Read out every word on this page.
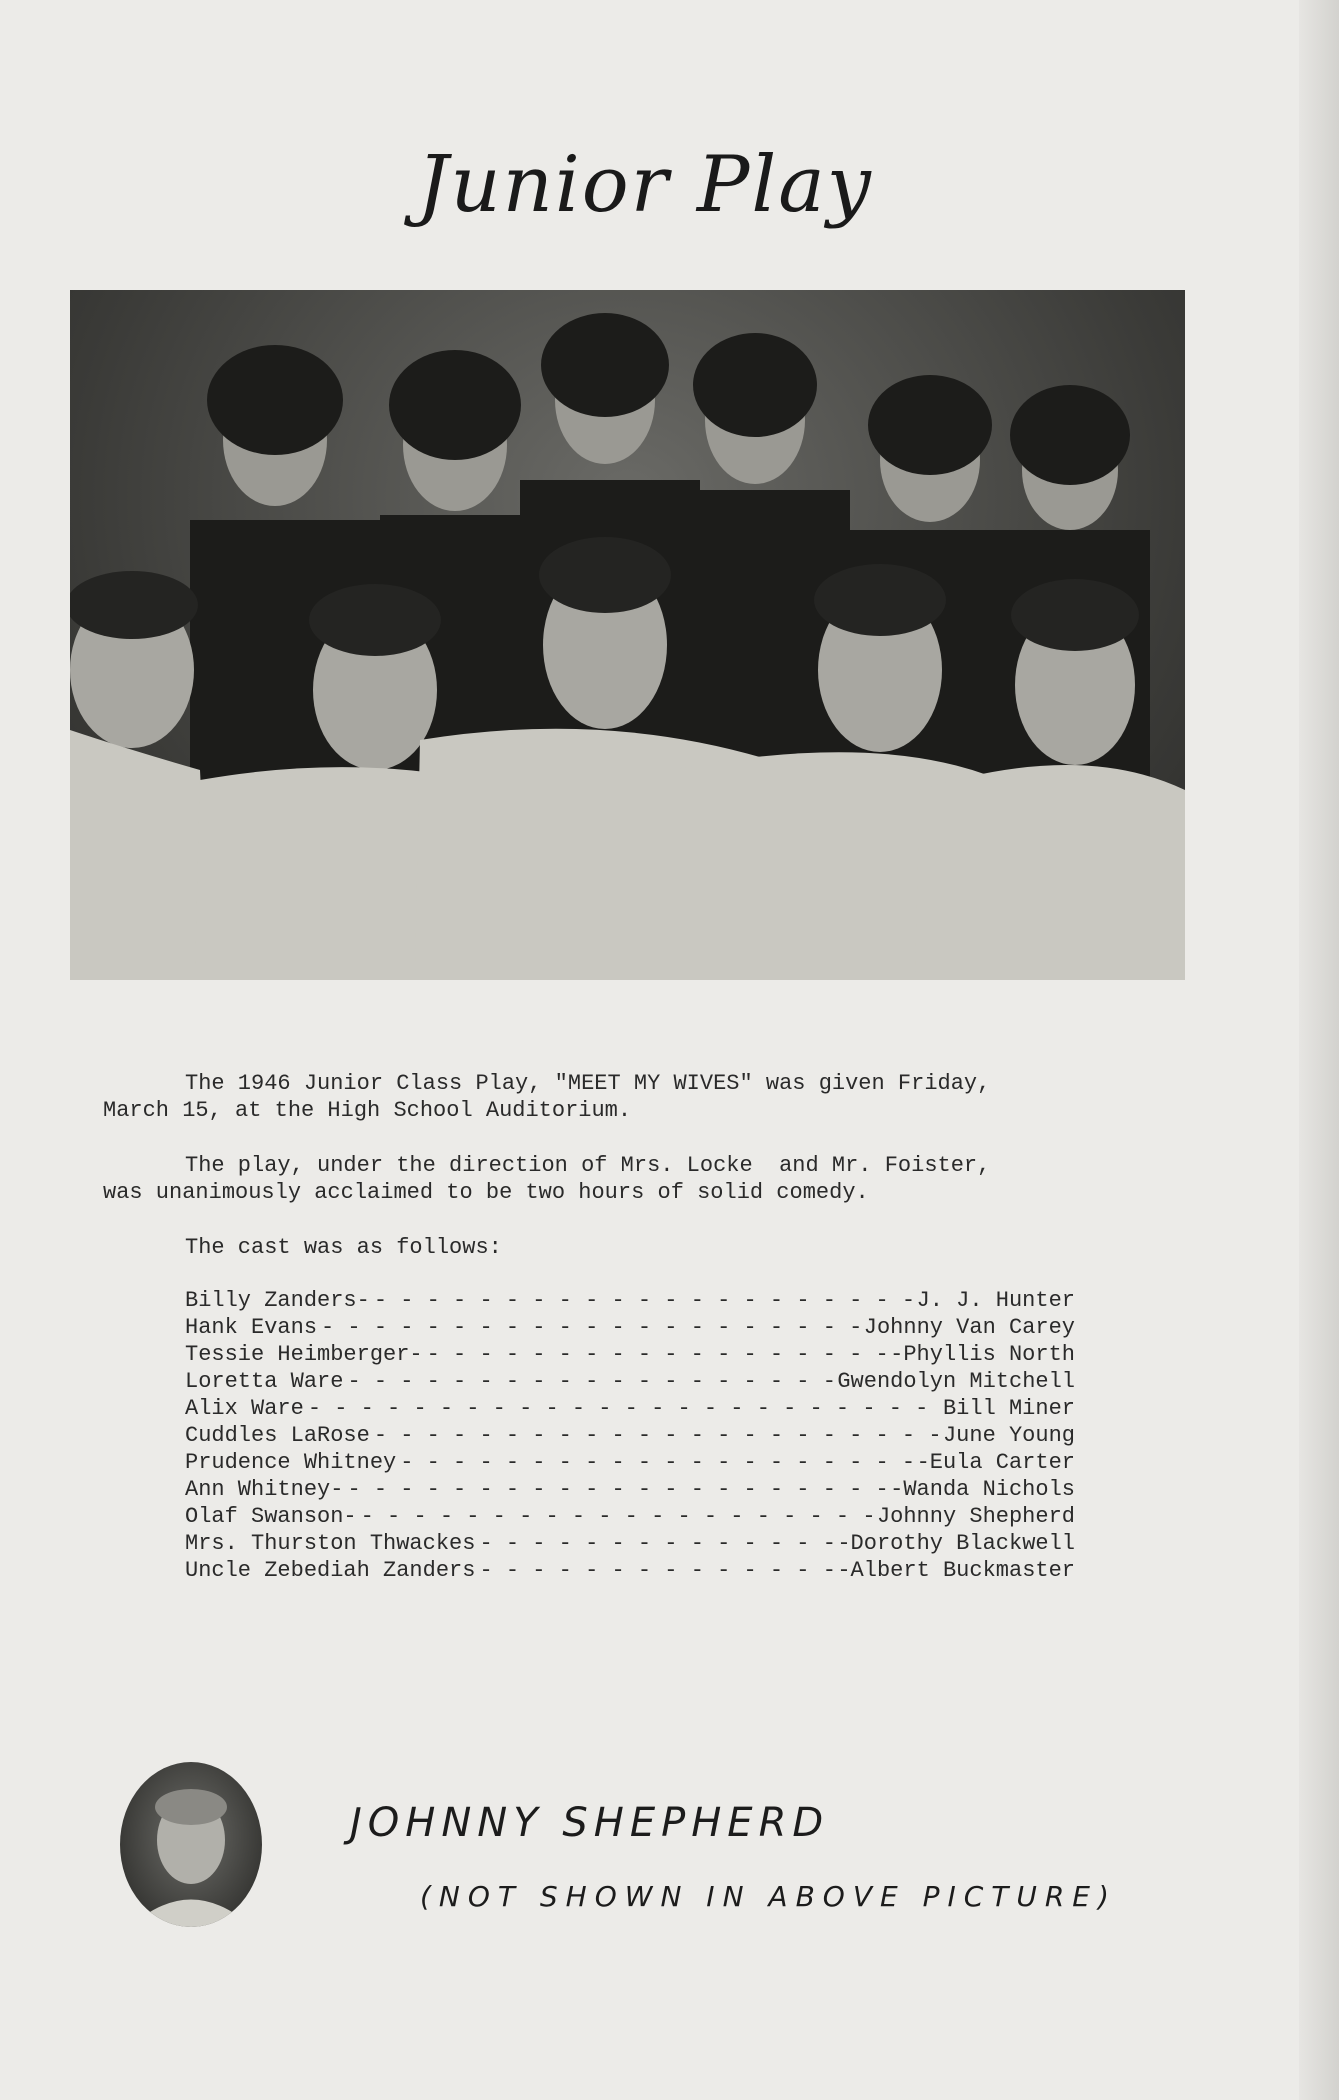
Junior Play
The 1946 Junior Class Play, "MEET MY WIVES" was given Friday,
March 15, at the High School Auditorium.
The play, under the direction of Mrs. Locke  and Mr. Foister,
was unanimously acclaimed to be two hours of solid comedy.
The cast was as follows:
Billy Zanders- - - -	J. J. Hunter
Hank Evans - - -	Johnny Van Carey
Tessie Heimberger- - - -	-Phyllis North
Loretta Ware - - -	Gwendolyn Mitchell
Alix Ware - - -	Bill Miner
Cuddles LaRose - - -	June Young
Prudence Whitney - - -	-Eula Carter
Ann Whitney- - - -	-Wanda Nichols
Olaf Swanson- - - -	Johnny Shepherd
Mrs. Thurston Thwackes - - -	-Dorothy Blackwell
Uncle Zebediah Zanders - - -	-Albert Buckmaster
JOHNNY SHEPHERD
(NOT SHOWN IN ABOVE PICTURE)
